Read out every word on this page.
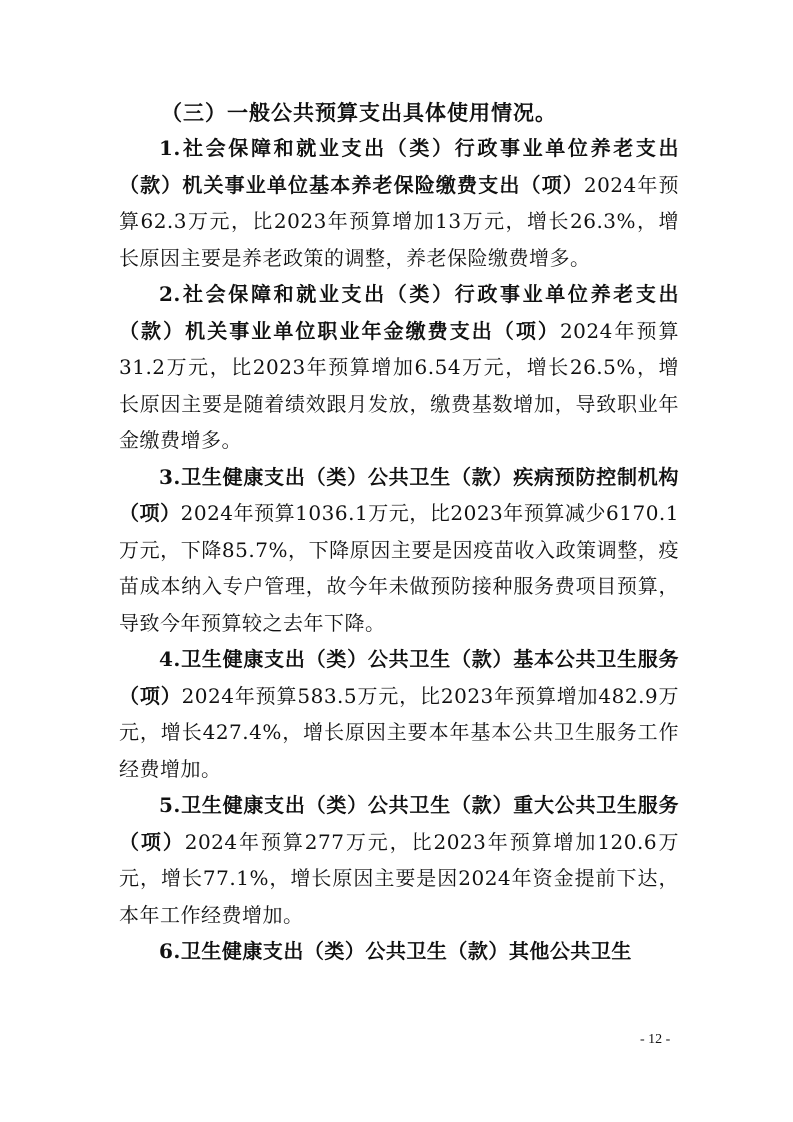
（三）一般公共预算支出具体使用情况。

1.社会保障和就业支出（类）行政事业单位养老支出（款）机关事业单位基本养老保险缴费支出（项）2024年预算62.3万元，比2023年预算增加13万元，增长26.3%，增长原因主要是养老政策的调整，养老保险缴费增多。

2.社会保障和就业支出（类）行政事业单位养老支出（款）机关事业单位职业年金缴费支出（项）2024年预算31.2万元，比2023年预算增加6.54万元，增长26.5%，增长原因主要是随着绩效跟月发放，缴费基数增加，导致职业年金缴费增多。

3.卫生健康支出（类）公共卫生（款）疾病预防控制机构（项）2024年预算1036.1万元，比2023年预算减少6170.1万元，下降85.7%，下降原因主要是因疫苗收入政策调整，疫苗成本纳入专户管理，故今年未做预防接种服务费项目预算，导致今年预算较之去年下降。

4.卫生健康支出（类）公共卫生（款）基本公共卫生服务（项）2024年预算583.5万元，比2023年预算增加482.9万元，增长427.4%，增长原因主要本年基本公共卫生服务工作经费增加。

5.卫生健康支出（类）公共卫生（款）重大公共卫生服务（项）2024年预算277万元，比2023年预算增加120.6万元，增长77.1%，增长原因主要是因2024年资金提前下达，本年工作经费增加。

6.卫生健康支出（类）公共卫生（款）其他公共卫生

- 12 -
